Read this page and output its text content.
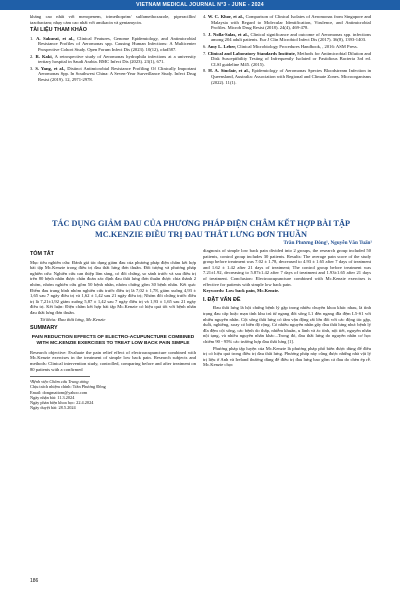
VIETNAM MEDICAL JOURNAL N°3 - JUNE - 2024

kháng cao nhất với meropenem, trimethoprim/ sulfamethoxazole, piperacillin/ tazobactam; nhạy cảm cao nhất với amikacin và gentamycin.

TÀI LIỆU THAM KHẢO

1. A. Sakurai, et al., Clinical Features, Genome Epidemiology, and Antimicrobial Resistance Profiles of Aeromonas spp. Causing Human Infections: A Multicenter Prospective Cohort Study. Open Forum Infect Dis (2023). 10(12), ofad587.

2. R. Kaki, A retrospective study of Aeromonas hydrophila infections at a university tertiary hospital in Saudi Arabia. BMC Infect Dis (2023). 23(1), 671.

3. S. Yang, et al., Distinct Antimicrobial Resistance Profiling Of Clinically Important Aeromonas Spp. In Southwest China: A Seven-Year Surveillance Study. Infect Drug Resist (2019). 12, 2971-2978.

4. W. C. Khor, et al., Comparison of Clinical Isolates of Aeromonas from Singapore and Malaysia with Regard to Molecular Identification, Virulence, and Antimicrobial Profiles. Microb Drug Resist (2018). 24(4), 469-478.

5. J. Nolla-Salas, et al., Clinical significance and outcome of Aeromonas spp. infections among 204 adult patients. Eur J Clin Microbiol Infect Dis (2017). 36(8), 1393-1403.

6. Amy L. Leber, Clinical Microbiology Procedures Handbook, , 2016: ASM Press.

7. Clinical and Laboratory Standards Institute, Methods for Antimicrobial Dilution and Disk Susceptibility Testing of Infrequently Isolated or Fastidious Bacteria 3rd ed. CLSI guideline M45. (2015).

8. H. A. Sinclair, et al., Epidemiology of Aeromonas Species Bloodstream Infection in Queensland, Australia: Association with Regional and Climate Zones. Microorganisms (2022). 11(1).

TÁC DỤNG GIẢM ĐAU CỦA PHƯƠNG PHÁP ĐIỆN CHÂM KẾT HỢP BÀI TẬP MC.KENZIE ĐIỀU TRỊ ĐAU THẮT LƯNG ĐƠN THUẦN
Trần Phương Đông¹, Nguyễn Văn Tuấn¹
TÓM TẮT

Mục tiêu nghiên cứu: Đánh giá tác dụng giảm đau của phương pháp điện châm kết hợp bài tập Mc.Kenzie trong điều trị đau thắt lưng đơn thuần. Đối tượng và phương pháp nghiên cứu: Nghiên cứu can thiệp lâm sàng, có đối chứng, so sánh trước và sau điều trị trên 80 bệnh nhân được chẩn đoán xác định đau thắt lưng đơn thuần được chia thành 2 nhóm, nhóm nghiên cứu gồm 50 bệnh nhân, nhóm chứng gồm 30 bệnh nhân. Kết quả: Điểm đau trung bình nhóm nghiên cứu trước điều trị là 7,02 ± 1,78, giảm xuống 4,93 ± 1,65 sau 7 ngày điều trị và 1,62 ± 1,42 sau 21 ngày điều trị; Nhóm đối chứng trước điều trị là 7,21±1,92 giảm xuống 5,87 ± 1,42 sau 7 ngày điều trị và 1,93 ± 1,65 sau 21 ngày điều trị. Kết luận: Điện châm kết hợp bài tập Mc.Kenzie có hiệu quả tốt với bệnh nhân đau thắt lưng đơn thuần.

Từ khóa: Đau thắt lưng, Mc.Kenzie

SUMMARY
PAIN REDUCTION EFFECTS OF ELECTRO-ACUPUNCTURE COMBINED WITH MC.KENZIE EXERCISES TO TREAT LOW BACK PAIN SIMPLE

Research objective: Evaluate the pain relief effect of electroacupuncture combined with Mc.Kenzie exercises in the treatment of simple low back pain. Research subjects and methods: Clinical intervention study, controlled, comparing before and after treatment on 80 patients with a confirmed

¹Bệnh viện Châm cứu Trung ương
Chịu trách nhiệm chính: Trần Phương Đông
Email: dongmaitom@yahoo.com
Ngày nhận bài: 11.3.2024
Ngày phản biện khoa học: 22.4.2024
Ngày duyệt bài: 28.5.2024

diagnosis of simple low back pain divided into 2 groups, the research group included 50 patients, control group includes 30 patients. Results: The average pain score of the study group before treatment was 7.02 ± 1.78, decreased to 4.93 ± 1.65 after 7 days of treatment and 1.62 ± 1.42 after 21 days of treatment; The control group before treatment was 7.21±1.92, decreasing to 5.87±1.42 after 7 days of treatment and 1.93±1.65 after 21 days of treatment. Conclusion: Electroacupuncture combined with Mc.Kenzie exercises is effective for patients with simple low back pain.

Keywords: Low back pain, Mc.Kenzie.

I. ĐẶT VẤN ĐỀ

Đau thắt lưng là hội chứng bệnh lý gặp trong nhiều chuyên khoa khác nhau, là tình trạng đau cấp hoặc mạn tính khu trú từ ngang đốt sống L1 đến ngang đĩa đệm L5-S1 với nhiều nguyên nhân. Cột sống thắt lưng có tầm vận động rất lớn đối với các động tác gập, duỗi, nghiêng, xoay có biên độ rộng. Có nhiều nguyên nhân gây đau thắt lưng như: bệnh lý đĩa đệm cột sống, các bệnh do thấp, nhiễm khuẩn, u lành và ác tính, nội tiết, nguyên nhân nội tạng, và nhiều nguyên nhân khác...Trong đó, đau thắt lưng do nguyên nhân cơ học chiếm 90 - 95% các trường hợp đau thắt lưng [1].

Phương pháp tập luyện của Mc.Kenzie là phương pháp phổ biến được dùng để điều trị có hiệu quả trong điều trị đau thắt lưng. Phương pháp này cũng được những nhà vật lý trị liệu ở Anh và Ireland thường dùng để điều trị đau lưng bao gồm cả đau do chèn ép rễ. Mc.Kenzie chọc

186
